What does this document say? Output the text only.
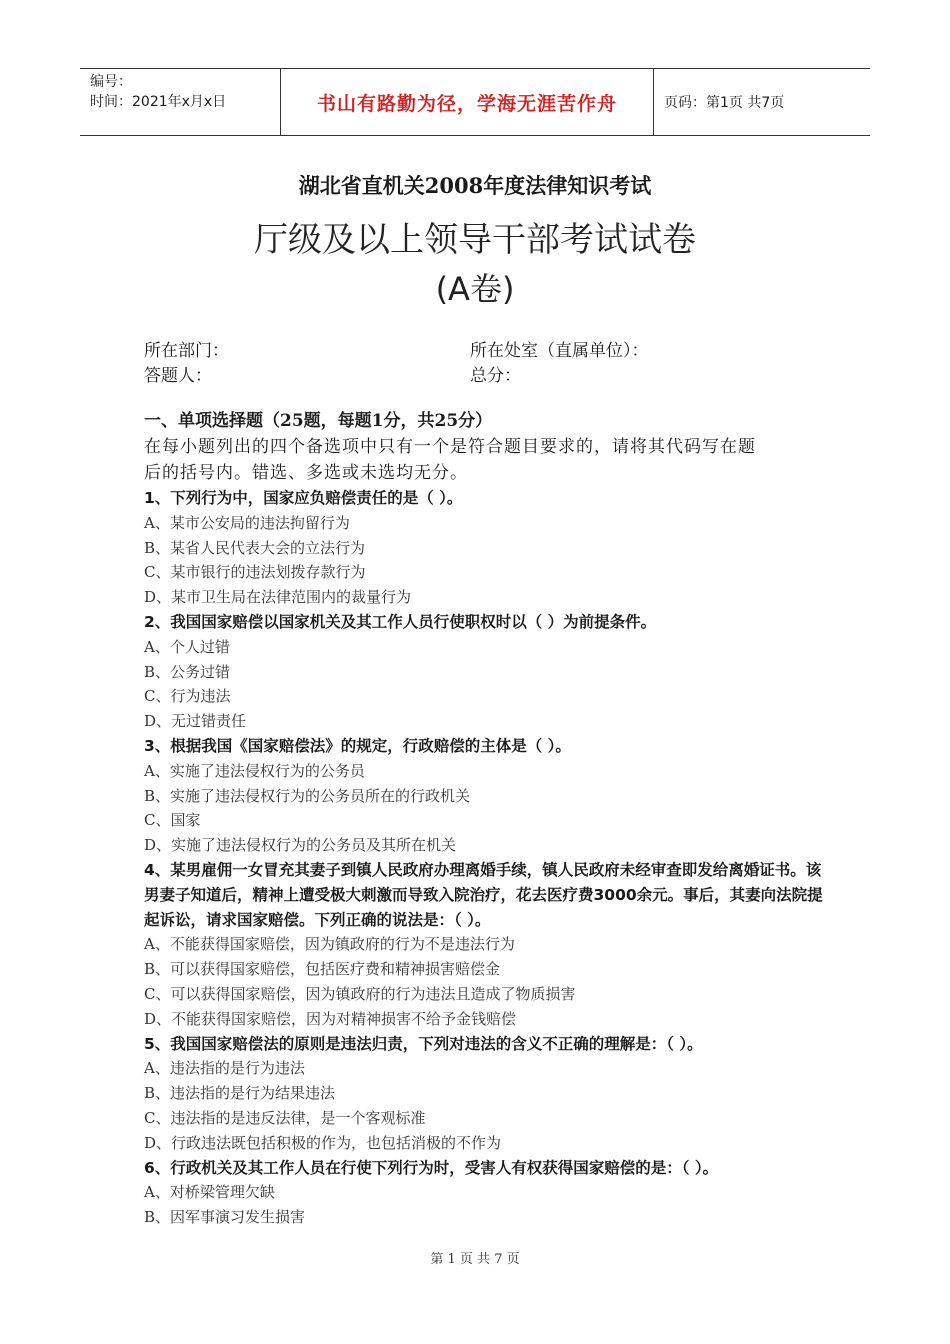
编号：
时间：2021年x月x日	书山有路勤为径，学海无涯苦作舟	页码：第1页 共7页
湖北省直机关2008年度法律知识考试
厅级及以上领导干部考试试卷
(A卷)
所在部门：	所在处室（直属单位）：
答题人：	总分：
一、单项选择题（25题，每题1分，共25分）
在每小题列出的四个备选项中只有一个是符合题目要求的，请将其代码写在题
后的括号内。错选、多选或未选均无分。
1、下列行为中，国家应负赔偿责任的是（ ）。
A、某市公安局的违法拘留行为
B、某省人民代表大会的立法行为
C、某市银行的违法划拨存款行为
D、某市卫生局在法律范围内的裁量行为
2、我国国家赔偿以国家机关及其工作人员行使职权时以（ ）为前提条件。
A、个人过错
B、公务过错
C、行为违法
D、无过错责任
3、根据我国《国家赔偿法》的规定，行政赔偿的主体是（ ）。
A、实施了违法侵权行为的公务员
B、实施了违法侵权行为的公务员所在的行政机关
C、国家
D、实施了违法侵权行为的公务员及其所在机关
4、某男雇佣一女冒充其妻子到镇人民政府办理离婚手续，镇人民政府未经审查即发给离婚证书。该男妻子知道后，精神上遭受极大刺激而导致入院治疗，花去医疗费3000余元。事后，其妻向法院提起诉讼，请求国家赔偿。下列正确的说法是：（ ）。
A、不能获得国家赔偿，因为镇政府的行为不是违法行为
B、可以获得国家赔偿，包括医疗费和精神损害赔偿金
C、可以获得国家赔偿，因为镇政府的行为违法且造成了物质损害
D、不能获得国家赔偿，因为对精神损害不给予金钱赔偿
5、我国国家赔偿法的原则是违法归责，下列对违法的含义不正确的理解是：（ ）。
A、违法指的是行为违法
B、违法指的是行为结果违法
C、违法指的是违反法律，是一个客观标准
D、行政违法既包括积极的作为，也包括消极的不作为
6、行政机关及其工作人员在行使下列行为时，受害人有权获得国家赔偿的是：（ ）。
A、对桥梁管理欠缺
B、因军事演习发生损害
第 1 页 共 7 页
